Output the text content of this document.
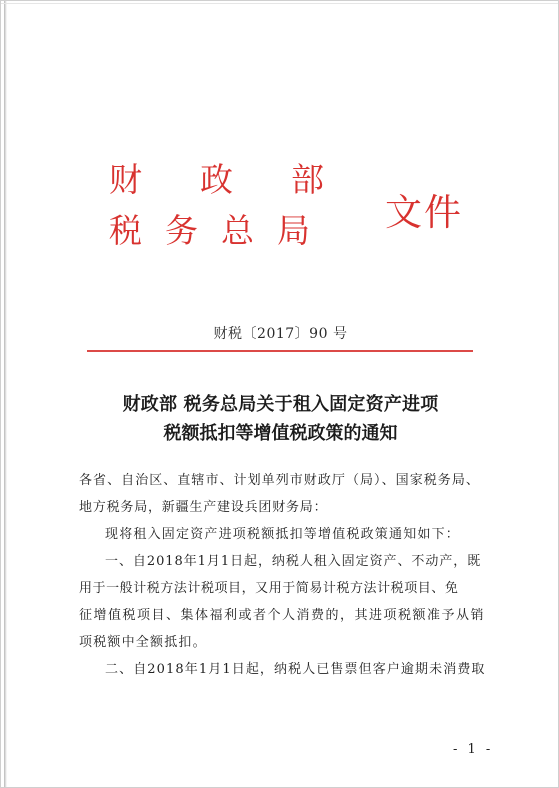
财政部
税务总局 文件
财税〔2017〕90 号
财政部 税务总局关于租入固定资产进项
税额抵扣等增值税政策的通知
各省、自治区、直辖市、计划单列市财政厅（局）、国家税务局、
地方税务局，新疆生产建设兵团财务局：
现将租入固定资产进项税额抵扣等增值税政策通知如下：
一、自2018年1月1日起，纳税人租入固定资产、不动产，既
用于一般计税方法计税项目，又用于简易计税方法计税项目、免
征增值税项目、集体福利或者个人消费的，其进项税额准予从销
项税额中全额抵扣。
二、自2018年1月1日起，纳税人已售票但客户逾期未消费取
- 1 -
